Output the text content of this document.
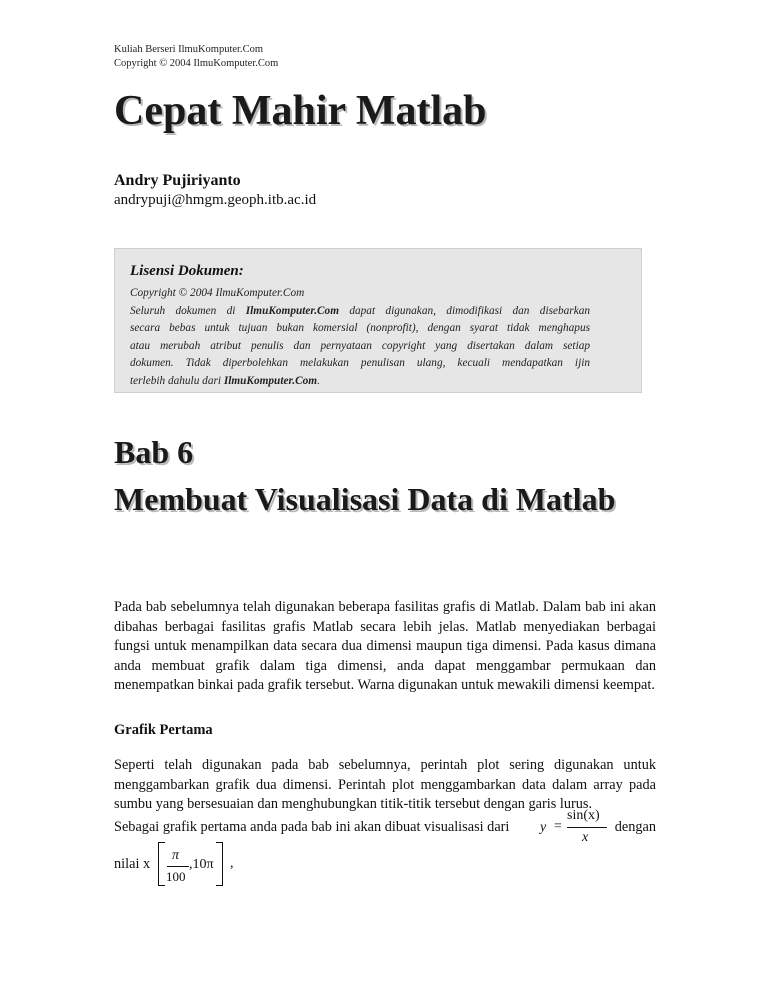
Kuliah Berseri IlmuKomputer.Com
Copyright © 2004 IlmuKomputer.Com
Cepat Mahir Matlab
Andry Pujiriyanto
andrypuji@hmgm.geoph.itb.ac.id
Lisensi Dokumen:
Copyright © 2004 IlmuKomputer.Com
Seluruh dokumen di IlmuKomputer.Com dapat digunakan, dimodifikasi dan disebarkan
secara bebas untuk tujuan bukan komersial (nonprofit), dengan syarat tidak menghapus
atau merubah atribut penulis dan pernyataan copyright yang disertakan dalam setiap
dokumen. Tidak diperbolehkan melakukan penulisan ulang, kecuali mendapatkan ijin
terlebih dahulu dari IlmuKomputer.Com.
Bab 6
Membuat Visualisasi Data di Matlab

Pada bab sebelumnya telah digunakan beberapa fasilitas grafis di Matlab. Dalam bab ini akan dibahas berbagai fasilitas grafis Matlab secara lebih jelas. Matlab menyediakan berbagai fungsi untuk menampilkan data secara dua dimensi maupun tiga dimensi. Pada kasus dimana anda membuat grafik dalam tiga dimensi, anda dapat menggambar permukaan dan menempatkan binkai pada grafik tersebut. Warna digunakan untuk mewakili dimensi keempat.

Grafik Pertama

Seperti telah digunakan pada bab sebelumnya, perintah plot sering digunakan untuk menggambarkan grafik dua dimensi. Perintah plot menggambarkan data dalam array pada sumbu yang bersesuaian dan menghubungkan titik-titik tersebut dengan garis lurus.

Sebagai grafik pertama anda pada bab ini akan dibuat visualisasi dari	dengan
y =
sin(x)
x
nilai x
π
100
,10π ,
